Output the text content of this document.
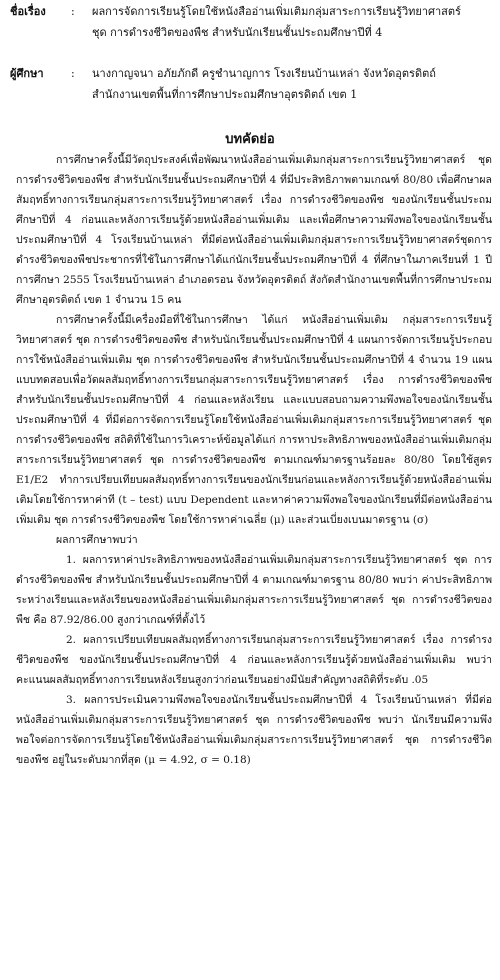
ชื่อเรื่อง : ผลการจัดการเรียนรู้โดยใช้หนังสืออ่านเพิ่มเติมกลุ่มสาระการเรียนรู้วิทยาศาสตร์
ชุด การดำรงชีวิตของพืช สำหรับนักเรียนชั้นประถมศึกษาปีที่ 4
ผู้ศึกษา : นางกาญจนา อภัยภักดี ครูชำนาญการ โรงเรียนบ้านเหล่า จังหวัดอุตรดิตถ์
สำนักงานเขตพื้นที่การศึกษาประถมศึกษาอุตรดิตถ์ เขต 1
บทคัดย่อ

การศึกษาครั้งนี้มีวัตถุประสงค์เพื่อพัฒนาหนังสืออ่านเพิ่มเติมกลุ่มสาระการเรียนรู้วิทยาศาสตร์ ชุด การดำรงชีวิตของพืช สำหรับนักเรียนชั้นประถมศึกษาปีที่ 4 ที่มีประสิทธิภาพตามเกณฑ์ 80/80 เพื่อศึกษาผลสัมฤทธิ์ทางการเรียนกลุ่มสาระการเรียนรู้วิทยาศาสตร์ เรื่อง การดำรงชีวิตของพืช ของนักเรียนชั้นประถมศึกษาปีที่ 4 ก่อนและหลังการเรียนรู้ด้วยหนังสืออ่านเพิ่มเติม และเพื่อศึกษาความพึงพอใจของนักเรียนชั้นประถมศึกษาปีที่ 4 โรงเรียนบ้านเหล่า ที่มีต่อหนังสืออ่านเพิ่มเติมกลุ่มสาระการเรียนรู้วิทยาศาสตร์ชุดการดำรงชีวิตของพืชประชากรที่ใช้ในการศึกษาได้แก่นักเรียนชั้นประถมศึกษาปีที่ 4 ที่ศึกษาในภาคเรียนที่ 1 ปีการศึกษา 2555 โรงเรียนบ้านเหล่า อำเภอตรอน จังหวัดอุตรดิตถ์ สังกัดสำนักงานเขตพื้นที่การศึกษาประถมศึกษาอุตรดิตถ์ เขต 1 จำนวน 15 คน

การศึกษาครั้งนี้มีเครื่องมือที่ใช้ในการศึกษา ได้แก่ หนังสืออ่านเพิ่มเติม กลุ่มสาระการเรียนรู้วิทยาศาสตร์ ชุด การดำรงชีวิตของพืช สำหรับนักเรียนชั้นประถมศึกษาปีที่ 4 แผนการจัดการเรียนรู้ประกอบการใช้หนังสืออ่านเพิ่มเติม ชุด การดำรงชีวิตของพืช สำหรับนักเรียนชั้นประถมศึกษาปีที่ 4 จำนวน 19 แผน แบบทดสอบเพื่อวัดผลสัมฤทธิ์ทางการเรียนกลุ่มสาระการเรียนรู้วิทยาศาสตร์ เรื่อง การดำรงชีวิตของพืช สำหรับนักเรียนชั้นประถมศึกษาปีที่ 4 ก่อนและหลังเรียน และแบบสอบถามความพึงพอใจของนักเรียนชั้นประถมศึกษาปีที่ 4 ที่มีต่อการจัดการเรียนรู้โดยใช้หนังสืออ่านเพิ่มเติมกลุ่มสาระการเรียนรู้วิทยาศาสตร์ ชุด การดำรงชีวิตของพืช สถิติที่ใช้ในการวิเคราะห์ข้อมูลได้แก่ การหาประสิทธิภาพของหนังสืออ่านเพิ่มเติมกลุ่มสาระการเรียนรู้วิทยาศาสตร์ ชุด การดำรงชีวิตของพืช ตามเกณฑ์มาตรฐานร้อยละ 80/80 โดยใช้สูตร E1/E2 ทำการเปรียบเทียบผลสัมฤทธิ์ทางการเรียนของนักเรียนก่อนและหลังการเรียนรู้ด้วยหนังสืออ่านเพิ่มเติมโดยใช้การหาค่าที (t – test) แบบ Dependent และหาค่าความพึงพอใจของนักเรียนที่มีต่อหนังสืออ่านเพิ่มเติม ชุด การดำรงชีวิตของพืช โดยใช้การหาค่าเฉลี่ย (μ) และส่วนเบี่ยงเบนมาตรฐาน (σ)

ผลการศึกษาพบว่า

1. ผลการหาค่าประสิทธิภาพของหนังสืออ่านเพิ่มเติมกลุ่มสาระการเรียนรู้วิทยาศาสตร์ ชุด การดำรงชีวิตของพืช สำหรับนักเรียนชั้นประถมศึกษาปีที่ 4 ตามเกณฑ์มาตรฐาน 80/80 พบว่า ค่าประสิทธิภาพระหว่างเรียนและหลังเรียนของหนังสืออ่านเพิ่มเติมกลุ่มสาระการเรียนรู้วิทยาศาสตร์ ชุด การดำรงชีวิตของพืช คือ 87.92/86.00 สูงกว่าเกณฑ์ที่ตั้งไว้

2. ผลการเปรียบเทียบผลสัมฤทธิ์ทางการเรียนกลุ่มสาระการเรียนรู้วิทยาศาสตร์ เรื่อง การดำรงชีวิตของพืช ของนักเรียนชั้นประถมศึกษาปีที่ 4 ก่อนและหลังการเรียนรู้ด้วยหนังสืออ่านเพิ่มเติม พบว่า คะแนนผลสัมฤทธิ์ทางการเรียนหลังเรียนสูงกว่าก่อนเรียนอย่างมีนัยสำคัญทางสถิติที่ระดับ .05

3. ผลการประเมินความพึงพอใจของนักเรียนชั้นประถมศึกษาปีที่ 4 โรงเรียนบ้านเหล่า ที่มีต่อหนังสืออ่านเพิ่มเติมกลุ่มสาระการเรียนรู้วิทยาศาสตร์ ชุด การดำรงชีวิตของพืช พบว่า นักเรียนมีความพึงพอใจต่อการจัดการเรียนรู้โดยใช้หนังสืออ่านเพิ่มเติมกลุ่มสาระการเรียนรู้วิทยาศาสตร์ ชุด การดำรงชีวิตของพืช อยู่ในระดับมากที่สุด (μ = 4.92, σ = 0.18)
